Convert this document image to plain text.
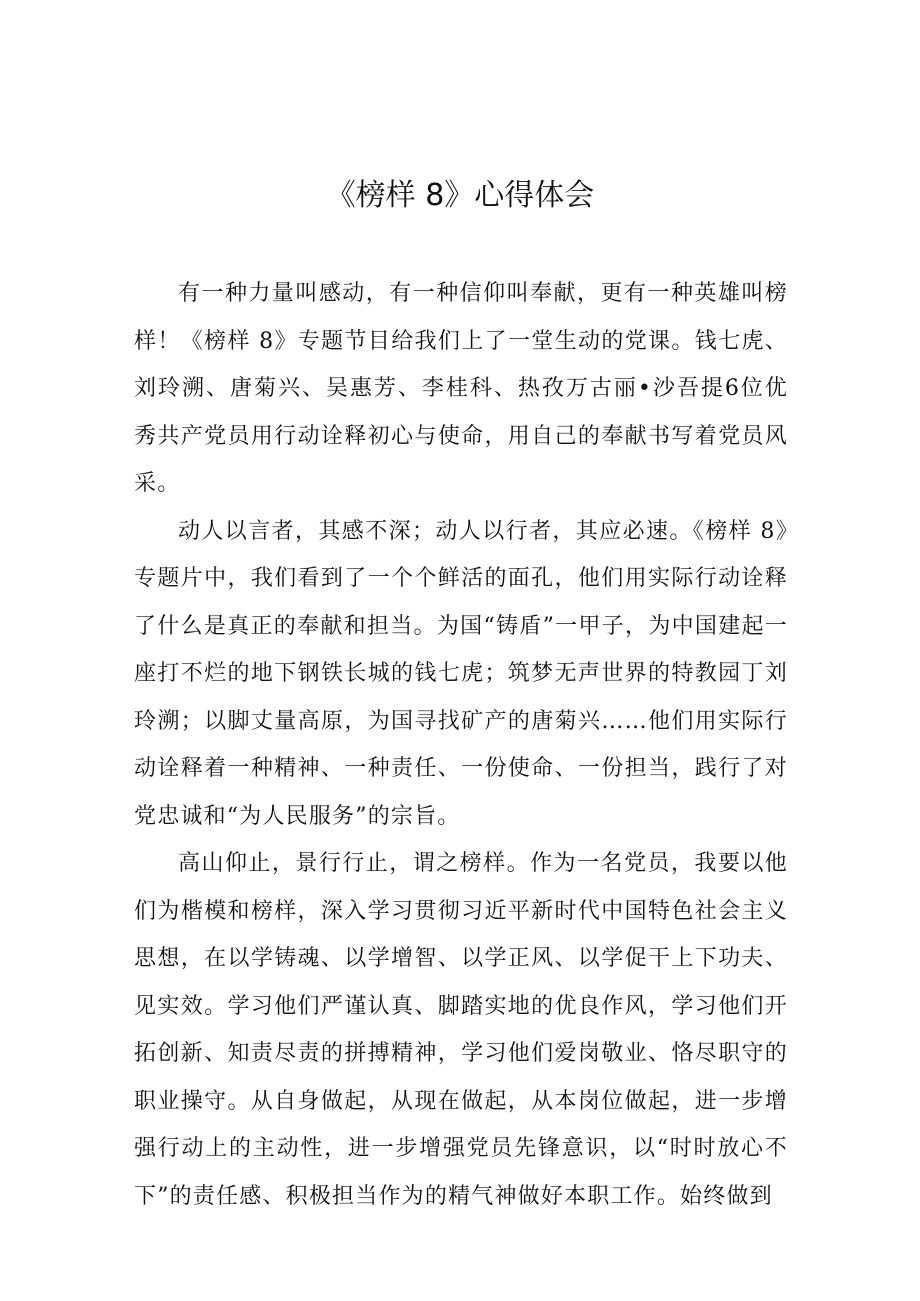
《榜样 8》心得体会

有一种力量叫感动，有一种信仰叫奉献，更有一种英雄叫榜样！《榜样 8》专题节目给我们上了一堂生动的党课。钱七虎、刘玲溯、唐菊兴、吴惠芳、李桂科、热孜万古丽•沙吾提6位优秀共产党员用行动诠释初心与使命，用自己的奉献书写着党员风采。

动人以言者，其感不深；动人以行者，其应必速。《榜样 8》专题片中，我们看到了一个个鲜活的面孔，他们用实际行动诠释了什么是真正的奉献和担当。为国“铸盾”一甲子，为中国建起一座打不烂的地下钢铁长城的钱七虎；筑梦无声世界的特教园丁刘玲溯；以脚丈量高原，为国寻找矿产的唐菊兴……他们用实际行动诠释着一种精神、一种责任、一份使命、一份担当，践行了对党忠诚和“为人民服务”的宗旨。

高山仰止，景行行止，谓之榜样。作为一名党员，我要以他们为楷模和榜样，深入学习贯彻习近平新时代中国特色社会主义思想，在以学铸魂、以学增智、以学正风、以学促干上下功夫、见实效。学习他们严谨认真、脚踏实地的优良作风，学习他们开拓创新、知责尽责的拼搏精神，学习他们爱岗敬业、恪尽职守的职业操守。从自身做起，从现在做起，从本岗位做起，进一步增强行动上的主动性，进一步增强党员先锋意识，以“时时放心不下”的责任感、积极担当作为的精气神做好本职工作。始终做到
